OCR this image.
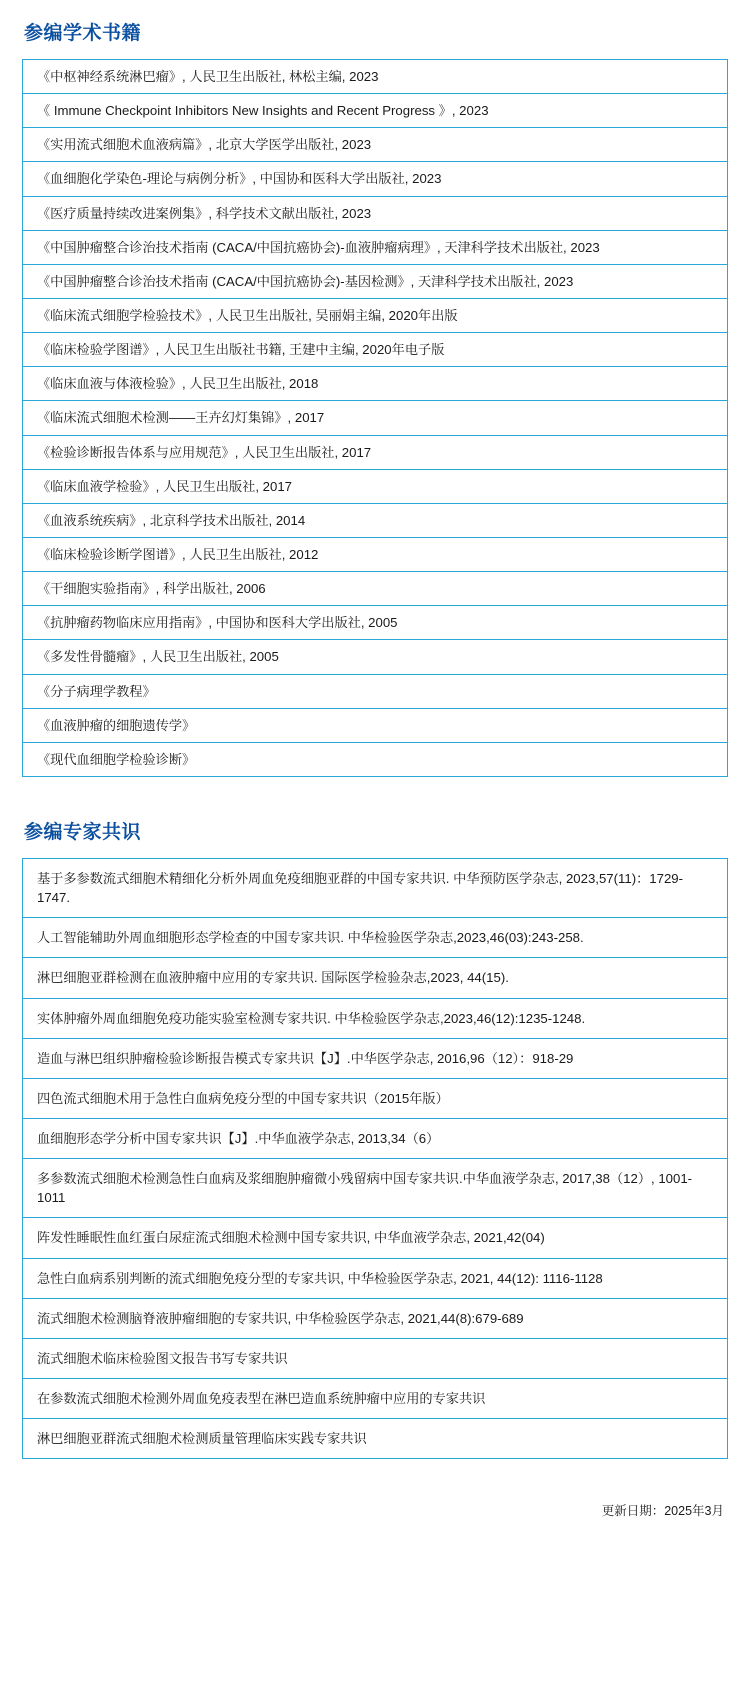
参编学术书籍
《中枢神经系统淋巴瘤》, 人民卫生出版社, 林松主编, 2023
《 Immune Checkpoint Inhibitors New Insights and Recent Progress 》, 2023
《实用流式细胞术血液病篇》, 北京大学医学出版社, 2023
《血细胞化学染色-理论与病例分析》, 中国协和医科大学出版社, 2023
《医疗质量持续改进案例集》, 科学技术文献出版社, 2023
《中国肿瘤整合诊治技术指南 (CACA/中国抗癌协会)-血液肿瘤病理》, 天津科学技术出版社, 2023
《中国肿瘤整合诊治技术指南 (CACA/中国抗癌协会)-基因检测》, 天津科学技术出版社, 2023
《临床流式细胞学检验技术》, 人民卫生出版社, 吴丽娟主编, 2020年出版
《临床检验学图谱》, 人民卫生出版社书籍, 王建中主编, 2020年电子版
《临床血液与体液检验》, 人民卫生出版社, 2018
《临床流式细胞术检测——王卉幻灯集锦》, 2017
《检验诊断报告体系与应用规范》, 人民卫生出版社, 2017
《临床血液学检验》, 人民卫生出版社, 2017
《血液系统疾病》, 北京科学技术出版社, 2014
《临床检验诊断学图谱》, 人民卫生出版社, 2012
《干细胞实验指南》, 科学出版社, 2006
《抗肿瘤药物临床应用指南》, 中国协和医科大学出版社, 2005
《多发性骨髓瘤》, 人民卫生出版社, 2005
《分子病理学教程》
《血液肿瘤的细胞遗传学》
《现代血细胞学检验诊断》
参编专家共识
基于多参数流式细胞术精细化分析外周血免疫细胞亚群的中国专家共识. 中华预防医学杂志, 2023,57(11)：1729-1747.
人工智能辅助外周血细胞形态学检查的中国专家共识. 中华检验医学杂志,2023,46(03):243-258.
淋巴细胞亚群检测在血液肿瘤中应用的专家共识. 国际医学检验杂志,2023, 44(15).
实体肿瘤外周血细胞免疫功能实验室检测专家共识. 中华检验医学杂志,2023,46(12):1235-1248.
造血与淋巴组织肿瘤检验诊断报告模式专家共识【J】.中华医学杂志, 2016,96（12）：918-29
四色流式细胞术用于急性白血病免疫分型的中国专家共识（2015年版）
血细胞形态学分析中国专家共识【J】.中华血液学杂志, 2013,34（6）
多参数流式细胞术检测急性白血病及浆细胞肿瘤微小残留病中国专家共识.中华血液学杂志, 2017,38（12）, 1001-1011
阵发性睡眠性血红蛋白尿症流式细胞术检测中国专家共识, 中华血液学杂志, 2021,42(04)
急性白血病系别判断的流式细胞免疫分型的专家共识, 中华检验医学杂志, 2021, 44(12): 1116-1128
流式细胞术检测脑脊液肿瘤细胞的专家共识, 中华检验医学杂志, 2021,44(8):679-689
流式细胞术临床检验图文报告书写专家共识
在参数流式细胞术检测外周血免疫表型在淋巴造血系统肿瘤中应用的专家共识
淋巴细胞亚群流式细胞术检测质量管理临床实践专家共识
更新日期：2025年3月
